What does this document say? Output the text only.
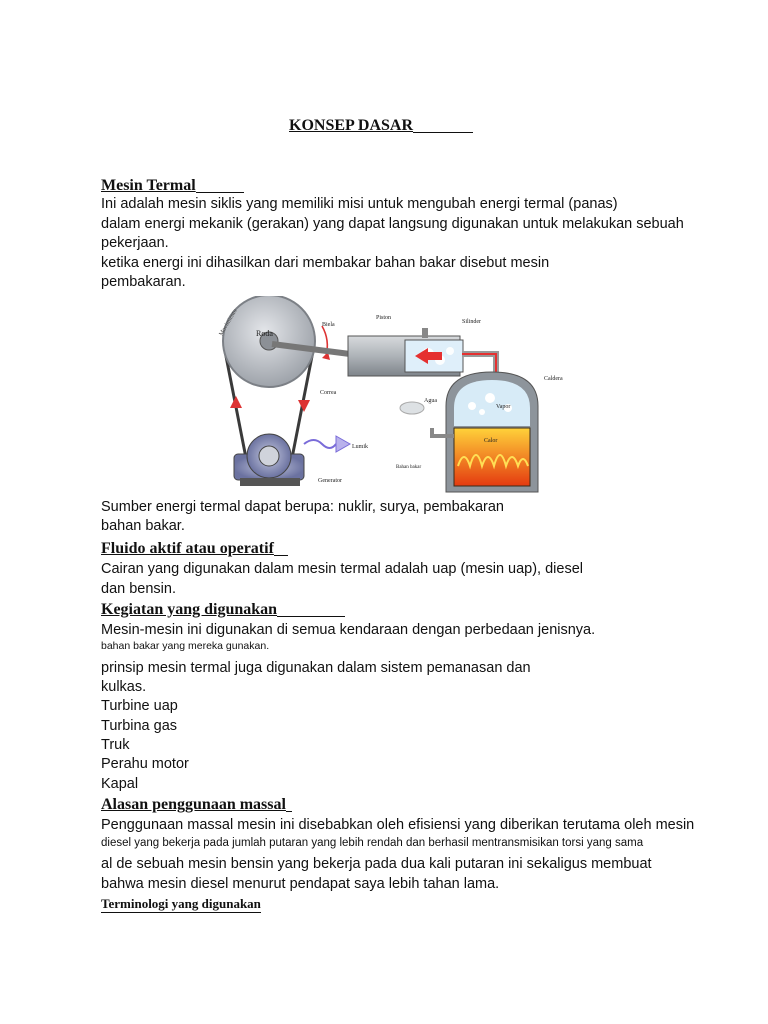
KONSEP DASAR
Mesin Termal
Ini adalah mesin siklis yang memiliki misi untuk mengubah energi termal (panas)
dalam energi mekanik (gerakan) yang dapat langsung digunakan untuk melakukan sebuah
pekerjaan.
ketika energi ini dihasilkan dari membakar bahan bakar disebut mesin
pembakaran.
Roda
Movimiento	Biela
Piston
Silinder
Caldera
Vapor
Agua
Calor
Bahan bakar
Generator
Lumik
Correa
Sumber energi termal dapat berupa: nuklir, surya, pembakaran
bahan bakar.
Fluido aktif atau operatif
Cairan yang digunakan dalam mesin termal adalah uap (mesin uap), diesel
dan bensin.
Kegiatan yang digunakan
Mesin-mesin ini digunakan di semua kendaraan dengan perbedaan jenisnya.
bahan bakar yang mereka gunakan.
prinsip mesin termal juga digunakan dalam sistem pemanasan dan
kulkas.
Turbine uap
Turbina gas
Truk
Perahu motor
Kapal
Alasan penggunaan massal
Penggunaan massal mesin ini disebabkan oleh efisiensi yang diberikan terutama oleh mesin
diesel yang bekerja pada jumlah putaran yang lebih rendah dan berhasil mentransmisikan torsi yang sama
al de sebuah mesin bensin yang bekerja pada dua kali putaran ini sekaligus membuat
bahwa mesin diesel menurut pendapat saya lebih tahan lama.
Terminologi yang digunakan
